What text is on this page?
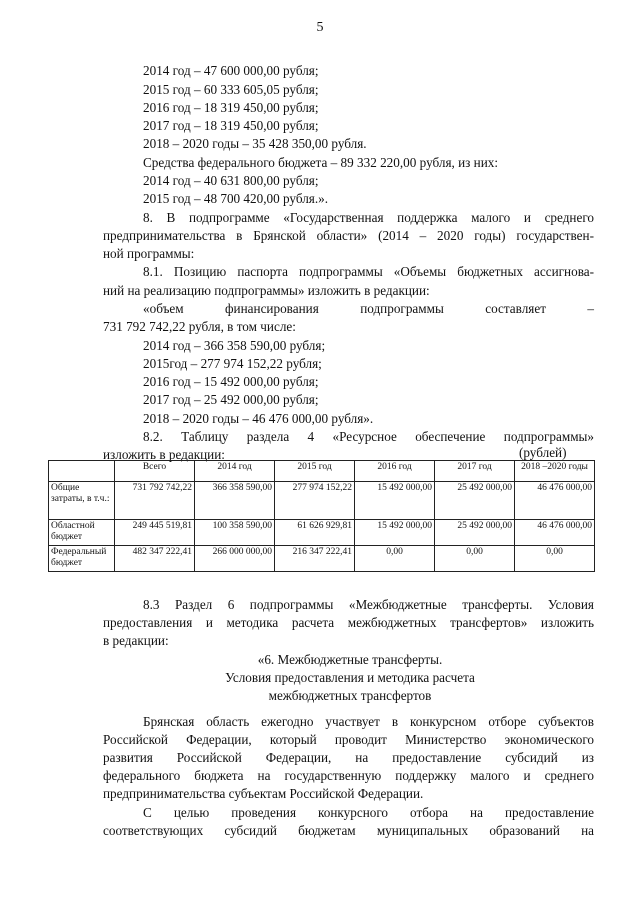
5
2014 год – 47 600 000,00 рубля;
2015 год – 60 333 605,05 рубля;
2016 год – 18 319 450,00 рубля;
2017 год – 18 319 450,00 рубля;
2018 – 2020 годы – 35 428 350,00 рубля.
Средства федерального бюджета – 89 332 220,00 рубля, из них:
2014 год – 40 631 800,00 рубля;
2015 год – 48 700 420,00 рубля.».
8. В подпрограмме «Государственная поддержка малого и среднего
предпринимательства в Брянской области» (2014 – 2020 годы) государствен-
ной программы:
8.1. Позицию паспорта подпрограммы «Объемы бюджетных ассигнова-
ний на реализацию подпрограммы» изложить в редакции:
«объем финансирования подпрограммы составляет –
731 792 742,22 рубля, в том числе:
2014 год – 366 358 590,00 рубля;
2015год – 277 974 152,22 рубля;
2016 год – 15 492 000,00 рубля;
2017 год – 25 492 000,00 рубля;
2018 – 2020 годы – 46 476 000,00 рубля».
8.2. Таблицу раздела 4 «Ресурсное обеспечение подпрограммы»
изложить в редакции:	(рублей)
	Всего	2014 год	2015 год	2016 год	2017 год	2018 –2020 годы
Общие затраты, в т.ч.:	731 792 742,22	366 358 590,00	277 974 152,22	15 492 000,00	25 492 000,00	46 476 000,00
Областной бюджет	249 445 519,81	100 358 590,00	61 626 929,81	15 492 000,00	25 492 000,00	46 476 000,00
Федеральный бюджет	482 347 222,41	266 000 000,00	216 347 222,41	0,00	0,00	0,00
8.3 Раздел 6 подпрограммы «Межбюджетные трансферты. Условия
предоставления и методика расчета межбюджетных трансфертов» изложить
в редакции:
«6. Межбюджетные трансферты.
Условия предоставления и методика расчета
межбюджетных трансфертов
Брянская область ежегодно участвует в конкурсном отборе субъектов
Российской Федерации, который проводит Министерство экономического
развития Российской Федерации, на предоставление субсидий из
федерального бюджета на государственную поддержку малого и среднего
предпринимательства субъектам Российской Федерации.
С целью проведения конкурсного отбора на предоставление
соответствующих субсидий бюджетам муниципальных образований на
